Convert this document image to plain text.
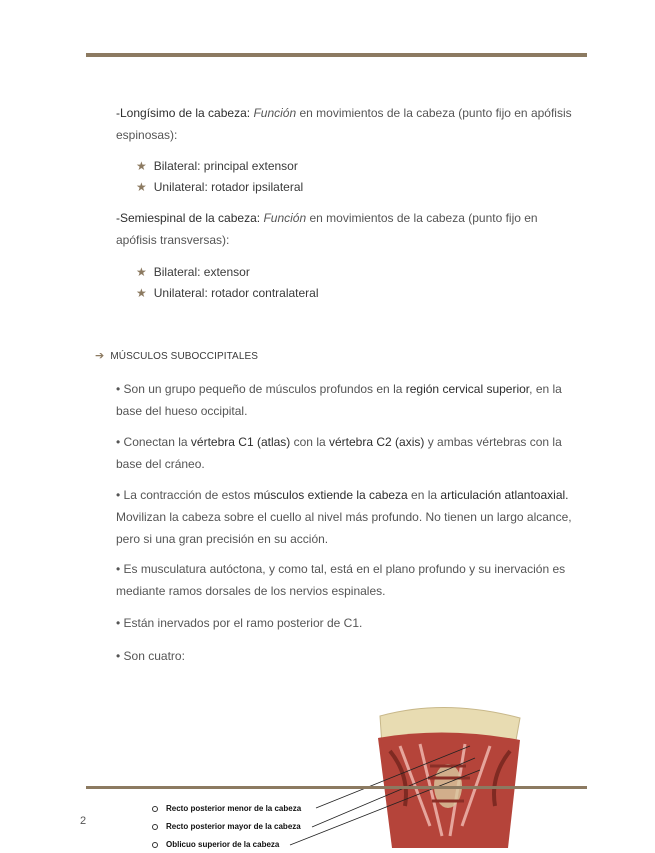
-Longísimo de la cabeza: Función en movimientos de la cabeza (punto fijo en apófisis espinosas):
★ Bilateral: principal extensor
★ Unilateral: rotador ipsilateral
-Semiespinal de la cabeza: Función en movimientos de la cabeza (punto fijo en apófisis transversas):
★ Bilateral: extensor
★ Unilateral: rotador contralateral
➔ MÚSCULOS SUBOCCIPITALES
• Son un grupo pequeño de músculos profundos en la región cervical superior, en la base del hueso occipital.
• Conectan la vértebra C1 (atlas) con la vértebra C2 (axis) y ambas vértebras con la base del cráneo.
• La contracción de estos músculos extiende la cabeza en la articulación atlantoaxial. Movilizan la cabeza sobre el cuello al nivel más profundo. No tienen un largo alcance, pero si una gran precisión en su acción.
• Es musculatura autóctona, y como tal, está en el plano profundo y su inervación es mediante ramos dorsales de los nervios espinales.
• Están inervados por el ramo posterior de C1.
• Son cuatro:
Recto posterior menor de la cabeza
Recto posterior mayor de la cabeza
Oblicuo superior de la cabeza
2
